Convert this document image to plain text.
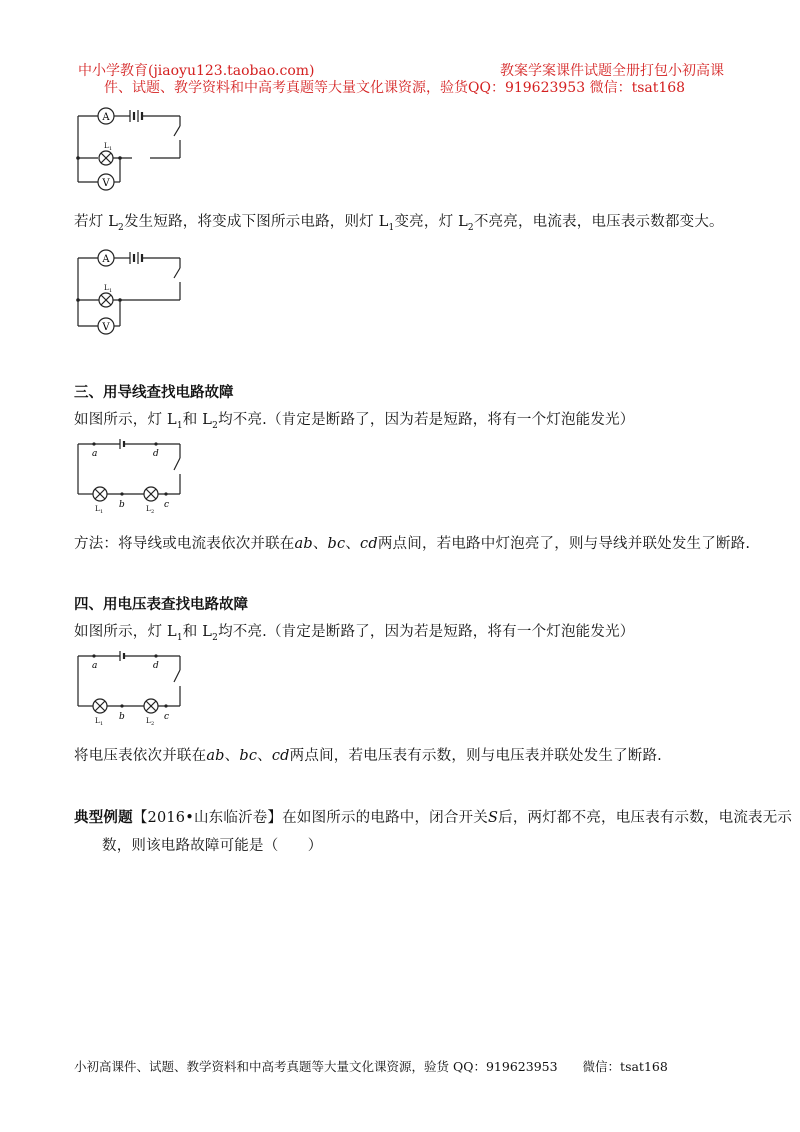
中小学教育(jiaoyu123.taobao.com)	教案学案课件试题全册打包小初高课
件、试题、教学资料和中高考真题等大量文化课资源，验货QQ：919623953 微信：tsat168
A
V
L 1
若灯 $L_2$发生短路，将变成下图所示电路，则灯 $L_1$变亮，灯 $L_2$不亮亮，电流表，电压表示数都变大。
A
V
L 1
三、用导线查找电路故障
如图所示，灯 $L_1$和 $L_2$均不亮.（肯定是断路了，因为若是短路，将有一个灯泡能发光）
a	d
b	c
L 1	L 2
方法：将导线或电流表依次并联在ab、bc、cd两点间，若电路中灯泡亮了，则与导线并联处发生了断路.
四、用电压表查找电路故障
如图所示，灯 $L_1$和 $L_2$均不亮.（肯定是断路了，因为若是短路，将有一个灯泡能发光）
a	d
b	c
L 1	L 2
将电压表依次并联在ab、bc、cd两点间，若电压表有示数，则与电压表并联处发生了断路.
典型例题【2016•山东临沂卷】在如图所示的电路中，闭合开关S后，两灯都不亮，电压表有示数，电流表无示
数，则该电路故障可能是（　　）
小初高课件、试题、教学资料和中高考真题等大量文化课资源，验货 QQ：919623953　　微信：tsat168
